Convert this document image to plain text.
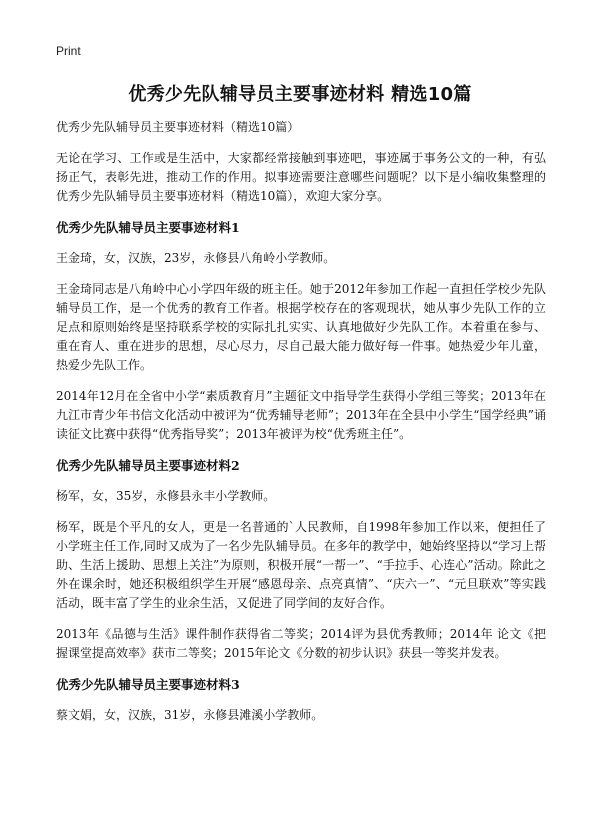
Print
优秀少先队辅导员主要事迹材料 精选10篇

优秀少先队辅导员主要事迹材料（精选10篇）

无论在学习、工作或是生活中，大家都经常接触到事迹吧，事迹属于事务公文的一种，有弘扬正气，表彰先进，推动工作的作用。拟事迹需要注意哪些问题呢？以下是小编收集整理的优秀少先队辅导员主要事迹材料（精选10篇），欢迎大家分享。

优秀少先队辅导员主要事迹材料1

王金琦，女，汉族，23岁，永修县八角岭小学教师。

王金琦同志是八角岭中心小学四年级的班主任。她于2012年参加工作起一直担任学校少先队辅导员工作，是一个优秀的教育工作者。根据学校存在的客观现状，她从事少先队工作的立足点和原则始终是坚持联系学校的实际扎扎实实、认真地做好少先队工作。本着重在参与、重在育人、重在进步的思想，尽心尽力，尽自己最大能力做好每一件事。她热爱少年儿童，热爱少先队工作。

2014年12月在全省中小学“素质教育月”主题征文中指导学生获得小学组三等奖；2013年在九江市青少年书信文化活动中被评为“优秀辅导老师”；2013年在全县中小学生“国学经典”诵读征文比赛中获得“优秀指导奖”；2013年被评为校“优秀班主任”。

优秀少先队辅导员主要事迹材料2

杨军，女，35岁，永修县永丰小学教师。

杨军，既是个平凡的女人，更是一名普通的`人民教师，自1998年参加工作以来，便担任了小学班主任工作,同时又成为了一名少先队辅导员。在多年的教学中，她始终坚持以“学习上帮助、生活上援助、思想上关注”为原则，积极开展“一帮一”、“手拉手、心连心”活动。除此之外在课余时，她还积极组织学生开展“感恩母亲、点亮真情”、“庆六一”、“元旦联欢”等实践活动，既丰富了学生的业余生活，又促进了同学间的友好合作。

2013年《品德与生活》课件制作获得省二等奖；2014评为县优秀教师；2014年 论文《把握课堂提高效率》获市二等奖；2015年论文《分数的初步认识》获县一等奖并发表。

优秀少先队辅导员主要事迹材料3

蔡文娟，女，汉族，31岁，永修县滩溪小学教师。
